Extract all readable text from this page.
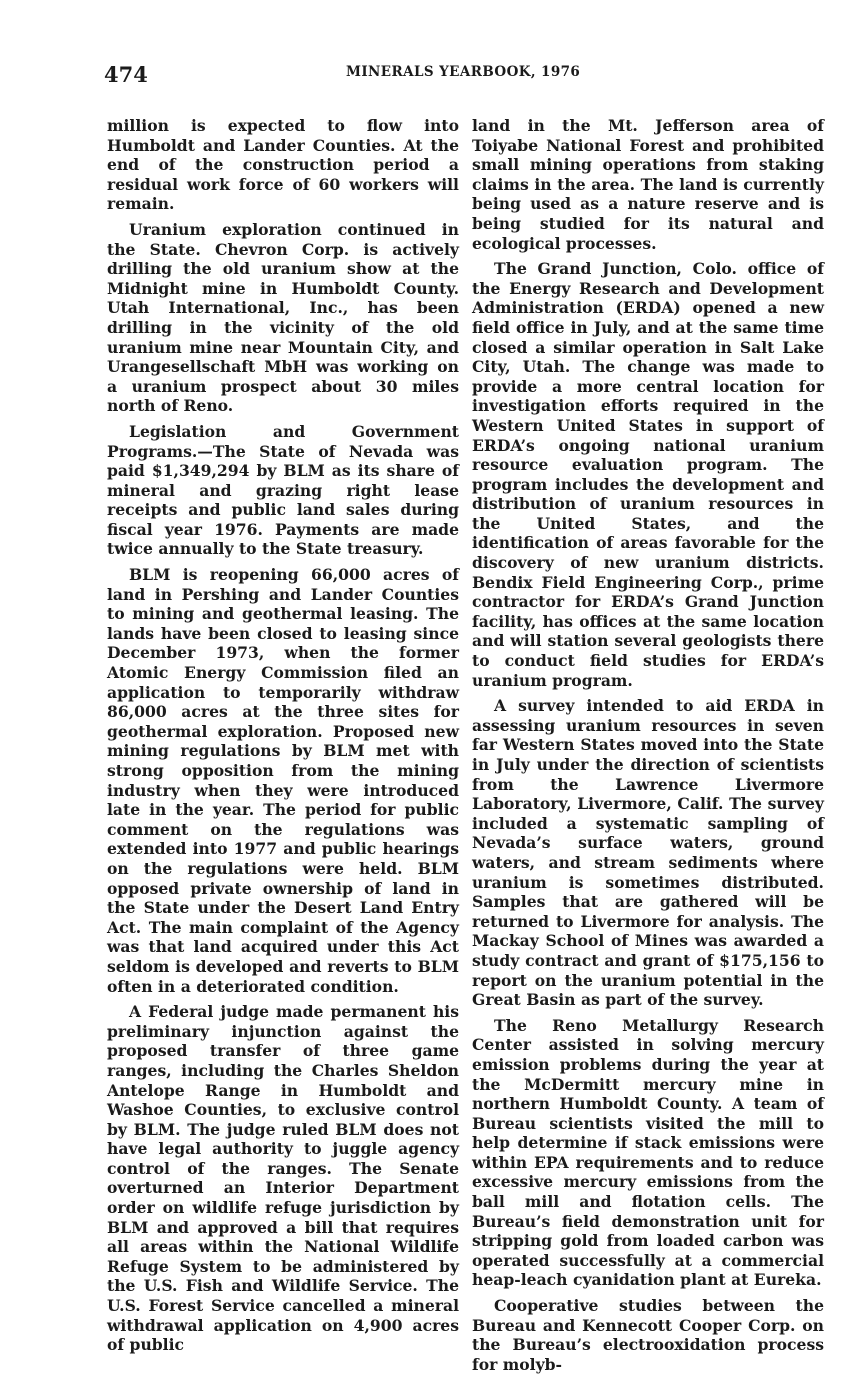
474	MINERALS YEARBOOK, 1976

million is expected to flow into Humboldt and Lander Counties. At the end of the construction period a residual work force of 60 workers will remain.

Uranium exploration continued in the State. Chevron Corp. is actively drilling the old uranium show at the Midnight mine in Humboldt County. Utah International, Inc., has been drilling in the vicinity of the old uranium mine near Mountain City, and Urangesellschaft MbH was working on a uranium prospect about 30 miles north of Reno.

Legislation and Government Programs.—The State of Nevada was paid $1,349,294 by BLM as its share of mineral and grazing right lease receipts and public land sales during fiscal year 1976. Payments are made twice annually to the State treasury.

BLM is reopening 66,000 acres of land in Pershing and Lander Counties to mining and geothermal leasing. The lands have been closed to leasing since December 1973, when the former Atomic Energy Commission filed an application to temporarily withdraw 86,000 acres at the three sites for geothermal exploration. Proposed new mining regulations by BLM met with strong opposition from the mining industry when they were introduced late in the year. The period for public comment on the regulations was extended into 1977 and public hearings on the regulations were held. BLM opposed private ownership of land in the State under the Desert Land Entry Act. The main complaint of the Agency was that land acquired under this Act seldom is developed and reverts to BLM often in a deteriorated condition.

A Federal judge made permanent his preliminary injunction against the proposed transfer of three game ranges, including the Charles Sheldon Antelope Range in Humboldt and Washoe Counties, to exclusive control by BLM. The judge ruled BLM does not have legal authority to juggle agency control of the ranges. The Senate overturned an Interior Department order on wildlife refuge jurisdiction by BLM and approved a bill that requires all areas within the National Wildlife Refuge System to be administered by the U.S. Fish and Wildlife Service. The U.S. Forest Service cancelled a mineral withdrawal application on 4,900 acres of public

land in the Mt. Jefferson area of Toiyabe National Forest and prohibited small mining operations from staking claims in the area. The land is currently being used as a nature reserve and is being studied for its natural and ecological processes.

The Grand Junction, Colo. office of the Energy Research and Development Administration (ERDA) opened a new field office in July, and at the same time closed a similar operation in Salt Lake City, Utah. The change was made to provide a more central location for investigation efforts required in the Western United States in support of ERDA’s ongoing national uranium resource evaluation program. The program includes the development and distribution of uranium resources in the United States, and the identification of areas favorable for the discovery of new uranium districts. Bendix Field Engineering Corp., prime contractor for ERDA’s Grand Junction facility, has offices at the same location and will station several geologists there to conduct field studies for ERDA’s uranium program.

A survey intended to aid ERDA in assessing uranium resources in seven far Western States moved into the State in July under the direction of scientists from the Lawrence Livermore Laboratory, Livermore, Calif. The survey included a systematic sampling of Nevada’s surface waters, ground waters, and stream sediments where uranium is sometimes distributed. Samples that are gathered will be returned to Livermore for analysis. The Mackay School of Mines was awarded a study contract and grant of $175,156 to report on the uranium potential in the Great Basin as part of the survey.

The Reno Metallurgy Research Center assisted in solving mercury emission problems during the year at the McDermitt mercury mine in northern Humboldt County. A team of Bureau scientists visited the mill to help determine if stack emissions were within EPA requirements and to reduce excessive mercury emissions from the ball mill and flotation cells. The Bureau’s field demonstration unit for stripping gold from loaded carbon was operated successfully at a commercial heap-leach cyanidation plant at Eureka.

Cooperative studies between the Bureau and Kennecott Cooper Corp. on the Bureau’s electrooxidation process for molyb-
